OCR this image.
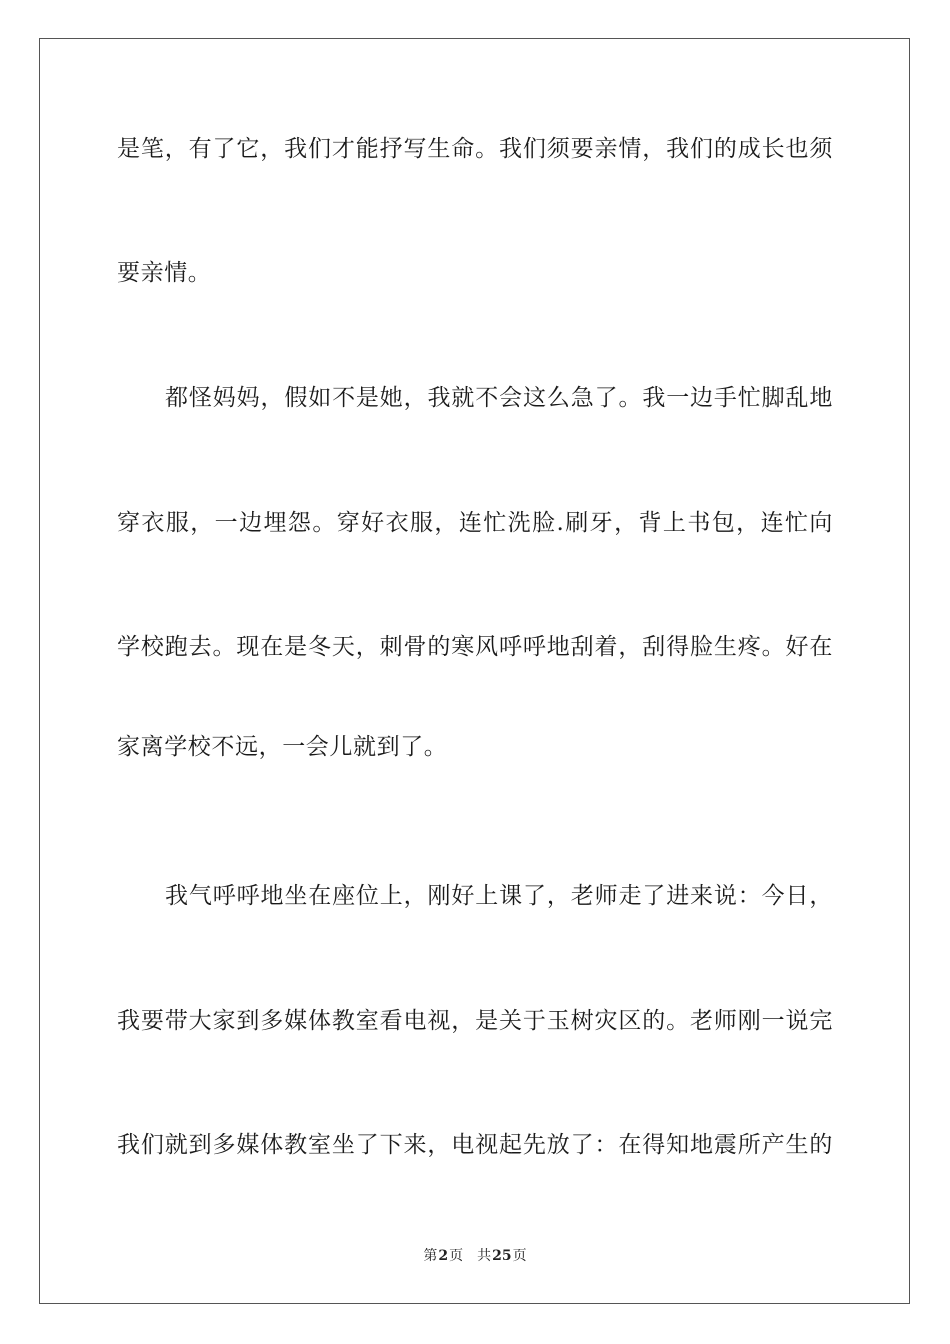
是笔，有了它，我们才能抒写生命。我们须要亲情，我们的成长也须
要亲情。
都怪妈妈，假如不是她，我就不会这么急了。我一边手忙脚乱地
穿衣服，一边埋怨。穿好衣服，连忙洗脸.刷牙，背上书包，连忙向
学校跑去。现在是冬天，刺骨的寒风呼呼地刮着，刮得脸生疼。好在
家离学校不远，一会儿就到了。
我气呼呼地坐在座位上，刚好上课了，老师走了进来说：今日，
我要带大家到多媒体教室看电视，是关于玉树灾区的。老师刚一说完
我们就到多媒体教室坐了下来，电视起先放了：在得知地震所产生的
第2页 共25页
